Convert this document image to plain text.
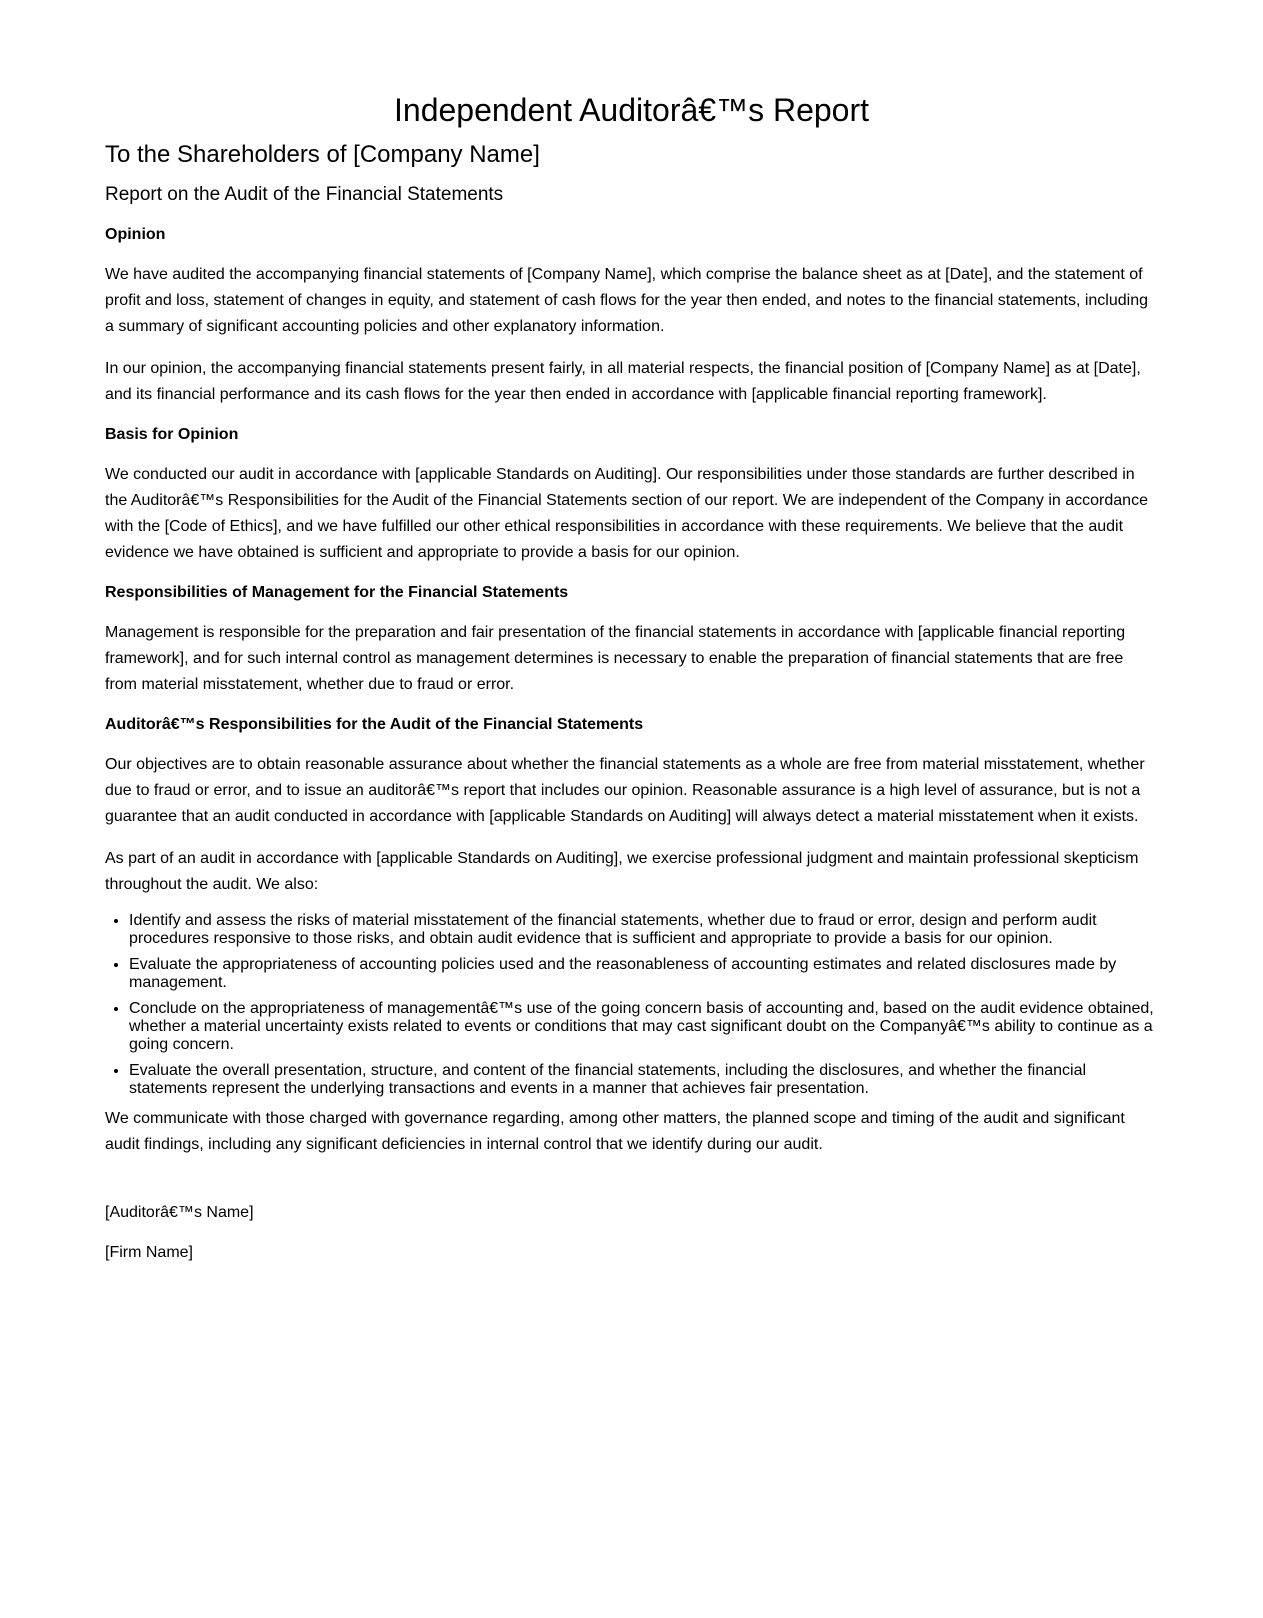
Independent Auditorâ€™s Report
To the Shareholders of [Company Name]
Report on the Audit of the Financial Statements
Opinion

We have audited the accompanying financial statements of [Company Name], which comprise the balance sheet as at [Date], and the statement of profit and loss, statement of changes in equity, and statement of cash flows for the year then ended, and notes to the financial statements, including a summary of significant accounting policies and other explanatory information.

In our opinion, the accompanying financial statements present fairly, in all material respects, the financial position of [Company Name] as at [Date], and its financial performance and its cash flows for the year then ended in accordance with [applicable financial reporting framework].

Basis for Opinion

We conducted our audit in accordance with [applicable Standards on Auditing]. Our responsibilities under those standards are further described in the Auditorâ€™s Responsibilities for the Audit of the Financial Statements section of our report. We are independent of the Company in accordance with the [Code of Ethics], and we have fulfilled our other ethical responsibilities in accordance with these requirements. We believe that the audit evidence we have obtained is sufficient and appropriate to provide a basis for our opinion.

Responsibilities of Management for the Financial Statements

Management is responsible for the preparation and fair presentation of the financial statements in accordance with [applicable financial reporting framework], and for such internal control as management determines is necessary to enable the preparation of financial statements that are free from material misstatement, whether due to fraud or error.

Auditorâ€™s Responsibilities for the Audit of the Financial Statements

Our objectives are to obtain reasonable assurance about whether the financial statements as a whole are free from material misstatement, whether due to fraud or error, and to issue an auditorâ€™s report that includes our opinion. Reasonable assurance is a high level of assurance, but is not a guarantee that an audit conducted in accordance with [applicable Standards on Auditing] will always detect a material misstatement when it exists.

As part of an audit in accordance with [applicable Standards on Auditing], we exercise professional judgment and maintain professional skepticism throughout the audit. We also:

• Identify and assess the risks of material misstatement of the financial statements, whether due to fraud or error, design and perform audit procedures responsive to those risks, and obtain audit evidence that is sufficient and appropriate to provide a basis for our opinion.
• Evaluate the appropriateness of accounting policies used and the reasonableness of accounting estimates and related disclosures made by management.
• Conclude on the appropriateness of managementâ€™s use of the going concern basis of accounting and, based on the audit evidence obtained, whether a material uncertainty exists related to events or conditions that may cast significant doubt on the Companyâ€™s ability to continue as a going concern.
• Evaluate the overall presentation, structure, and content of the financial statements, including the disclosures, and whether the financial statements represent the underlying transactions and events in a manner that achieves fair presentation.

We communicate with those charged with governance regarding, among other matters, the planned scope and timing of the audit and significant audit findings, including any significant deficiencies in internal control that we identify during our audit.

[Auditorâ€™s Name]

[Firm Name]
